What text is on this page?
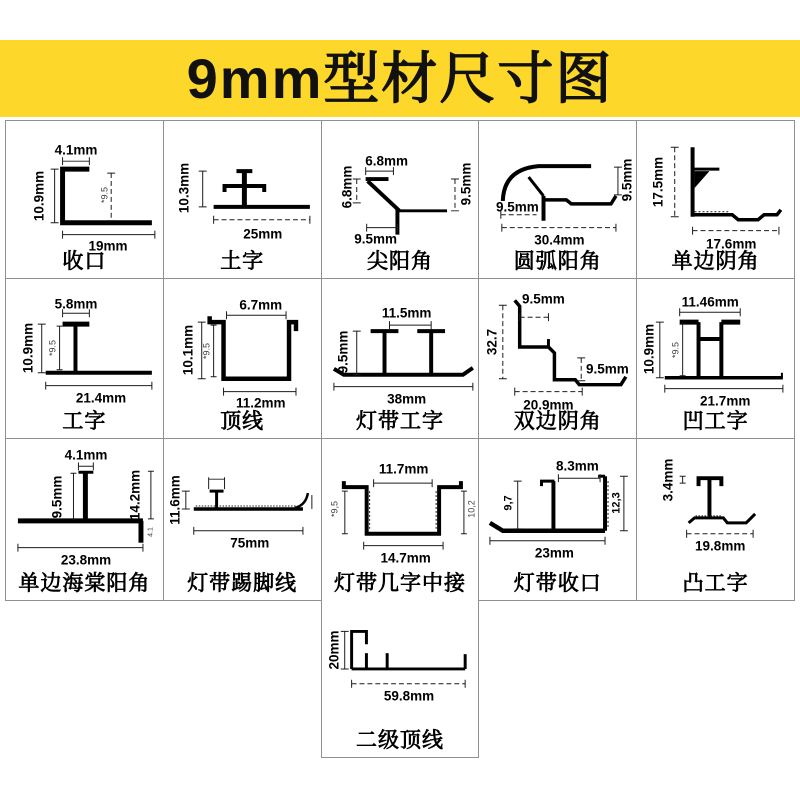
9mm型材尺寸图
4.1mm
10.9mm	*9.5
19mm
收口
10.3mm
25mm
土字
6.8mm
6.8mm	9.5mm
9.5mm
尖阳角
9.5mm
9.5mm
30.4mm
圆弧阳角
17.5mm
17.6mm
单边阴角
5.8mm
10.9mm *9.5
21.4mm
工字
6.7mm
10.1mm *9.5
11.2mm
顶线
11.5mm
9.5mm
38mm
灯带工字
9.5mm
32.7
9.5mm
20.9mm
双边阴角
11.46mm
10.9mm *9.5
21.7mm
凹工字
4.1mm
9.5mm	14.2mm
4.1
23.8mm
单边海棠阳角
11.6mm
75mm
灯带踢脚线
11.7mm
*9,5	10,2
14.7mm
灯带几字中接
8.3mm
9,7	12,3
23mm
灯带收口
3.4mm
19.8mm
凸工字
20mm
59.8mm
二级顶线
